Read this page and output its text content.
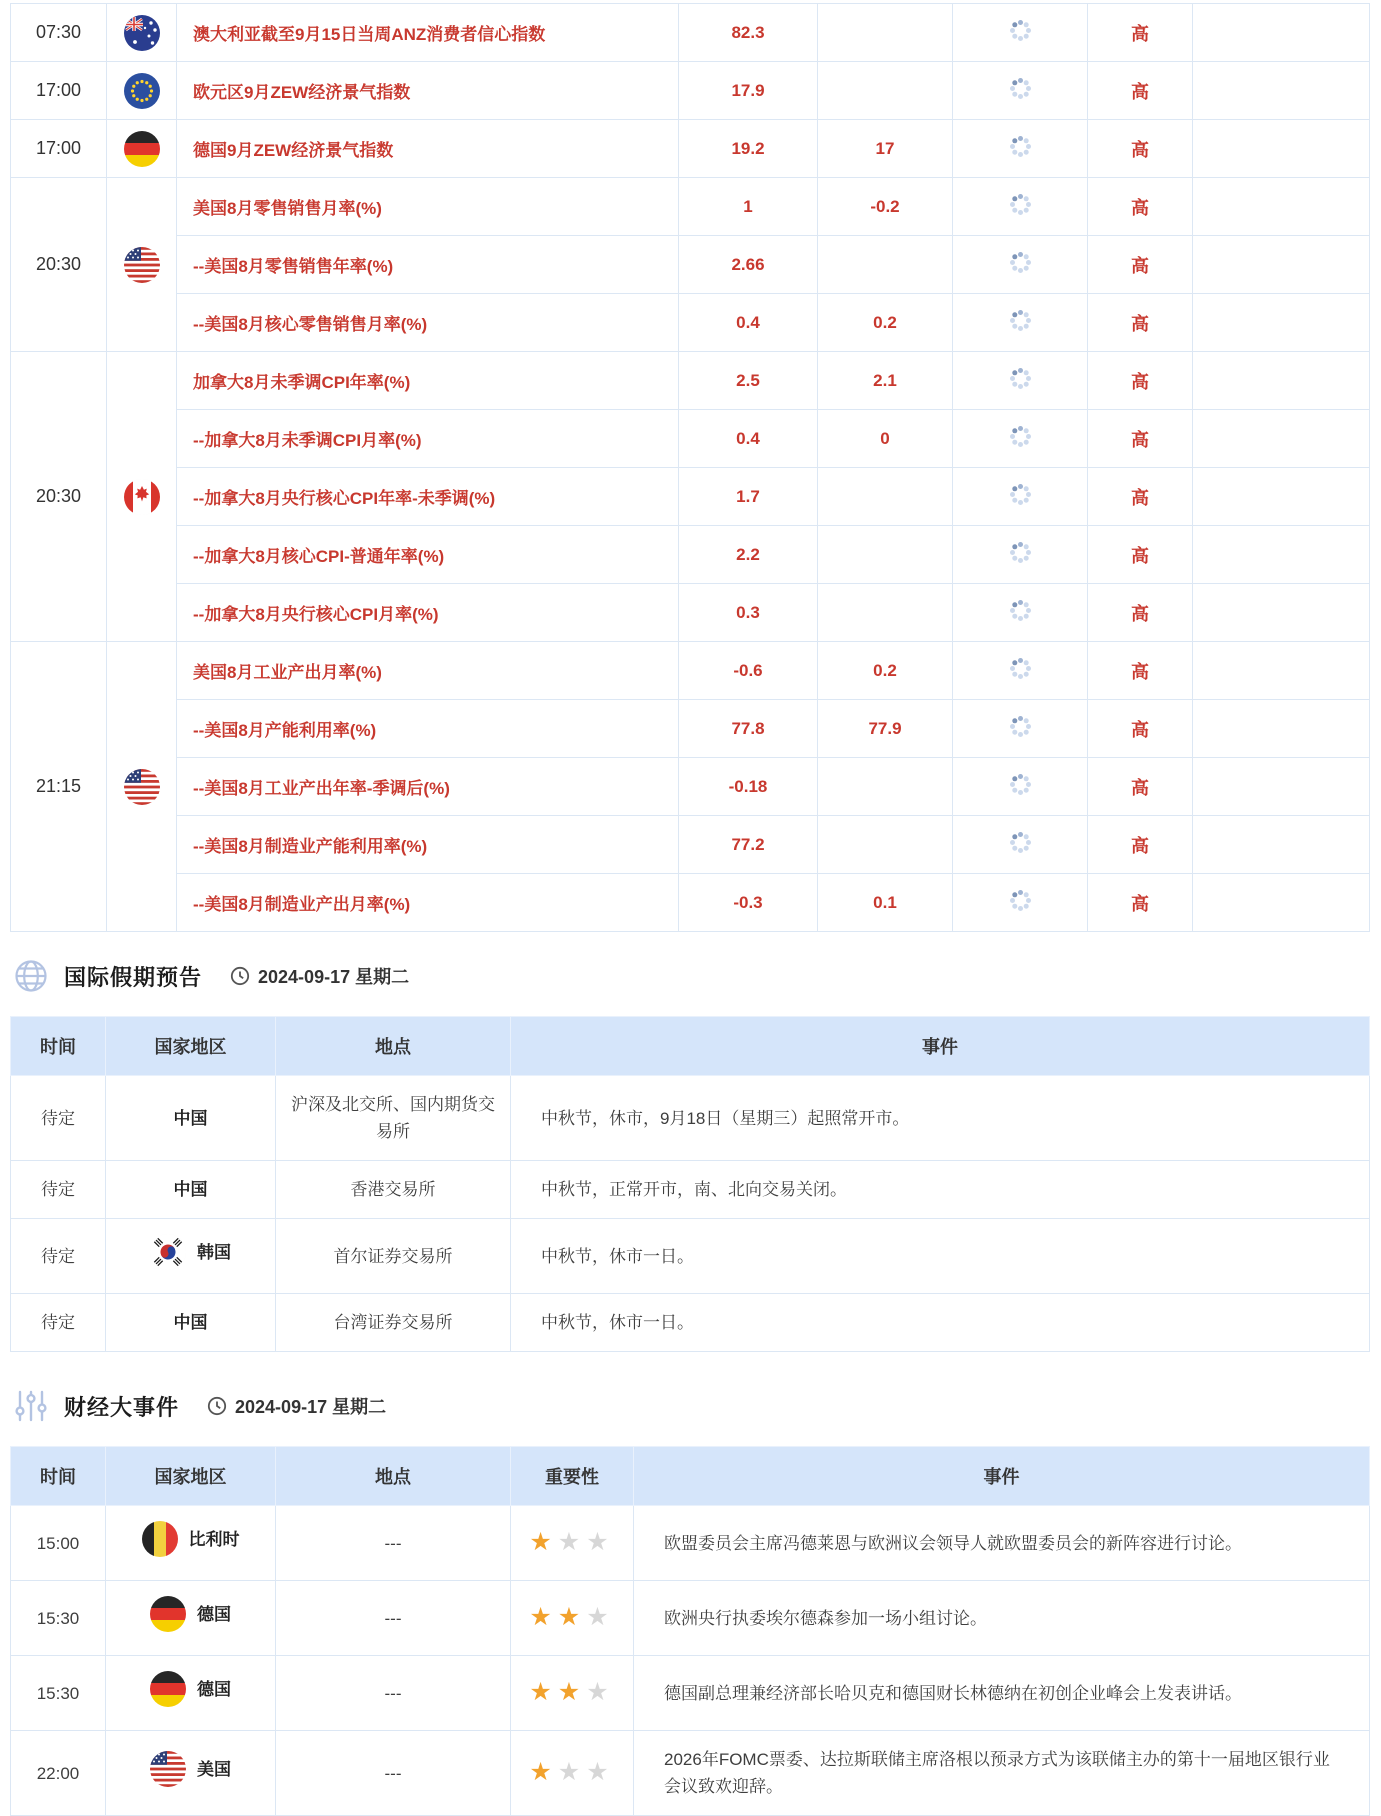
07:30		澳大利亚截至9月15日当周ANZ消费者信心指数	82.3			高	
17:00		欧元区9月ZEW经济景气指数	17.9			高	
17:00		德国9月ZEW经济景气指数	19.2	17		高	
20:30		美国8月零售销售月率(%)	1	-0.2		高	
		--美国8月零售销售年率(%)	2.66			高	
		--美国8月核心零售销售月率(%)	0.4	0.2		高	
20:30		加拿大8月未季调CPI年率(%)	2.5	2.1		高	
		--加拿大8月未季调CPI月率(%)	0.4	0		高	
		--加拿大8月央行核心CPI年率-未季调(%)	1.7			高	
		--加拿大8月核心CPI-普通年率(%)	2.2			高	
		--加拿大8月央行核心CPI月率(%)	0.3			高	
21:15		美国8月工业产出月率(%)	-0.6	0.2		高	
		--美国8月产能利用率(%)	77.8	77.9		高	
		--美国8月工业产出年率-季调后(%)	-0.18			高	
		--美国8月制造业产能利用率(%)	77.2			高	
		--美国8月制造业产出月率(%)	-0.3	0.1		高	
国际假期预告	2024-09-17 星期二
时间	国家地区	地点	事件
待定	中国	沪深及北交所、国内期货交易所	中秋节，休市，9月18日（星期三）起照常开市。
待定	中国	香港交易所	中秋节，正常开市，南、北向交易关闭。
待定	韩国	首尔证券交易所	中秋节，休市一日。
待定	中国	台湾证券交易所	中秋节，休市一日。
财经大事件	2024-09-17 星期二
时间	国家地区	地点	重要性	事件
15:00	比利时	---	★★★	欧盟委员会主席冯德莱恩与欧洲议会领导人就欧盟委员会的新阵容进行讨论。
15:30	德国	---	★★★	欧洲央行执委埃尔德森参加一场小组讨论。
15:30	德国	---	★★★	德国副总理兼经济部长哈贝克和德国财长林德纳在初创企业峰会上发表讲话。
22:00	美国	---	★★★	2026年FOMC票委、达拉斯联储主席洛根以预录方式为该联储主办的第十一届地区银行业会议致欢迎辞。
